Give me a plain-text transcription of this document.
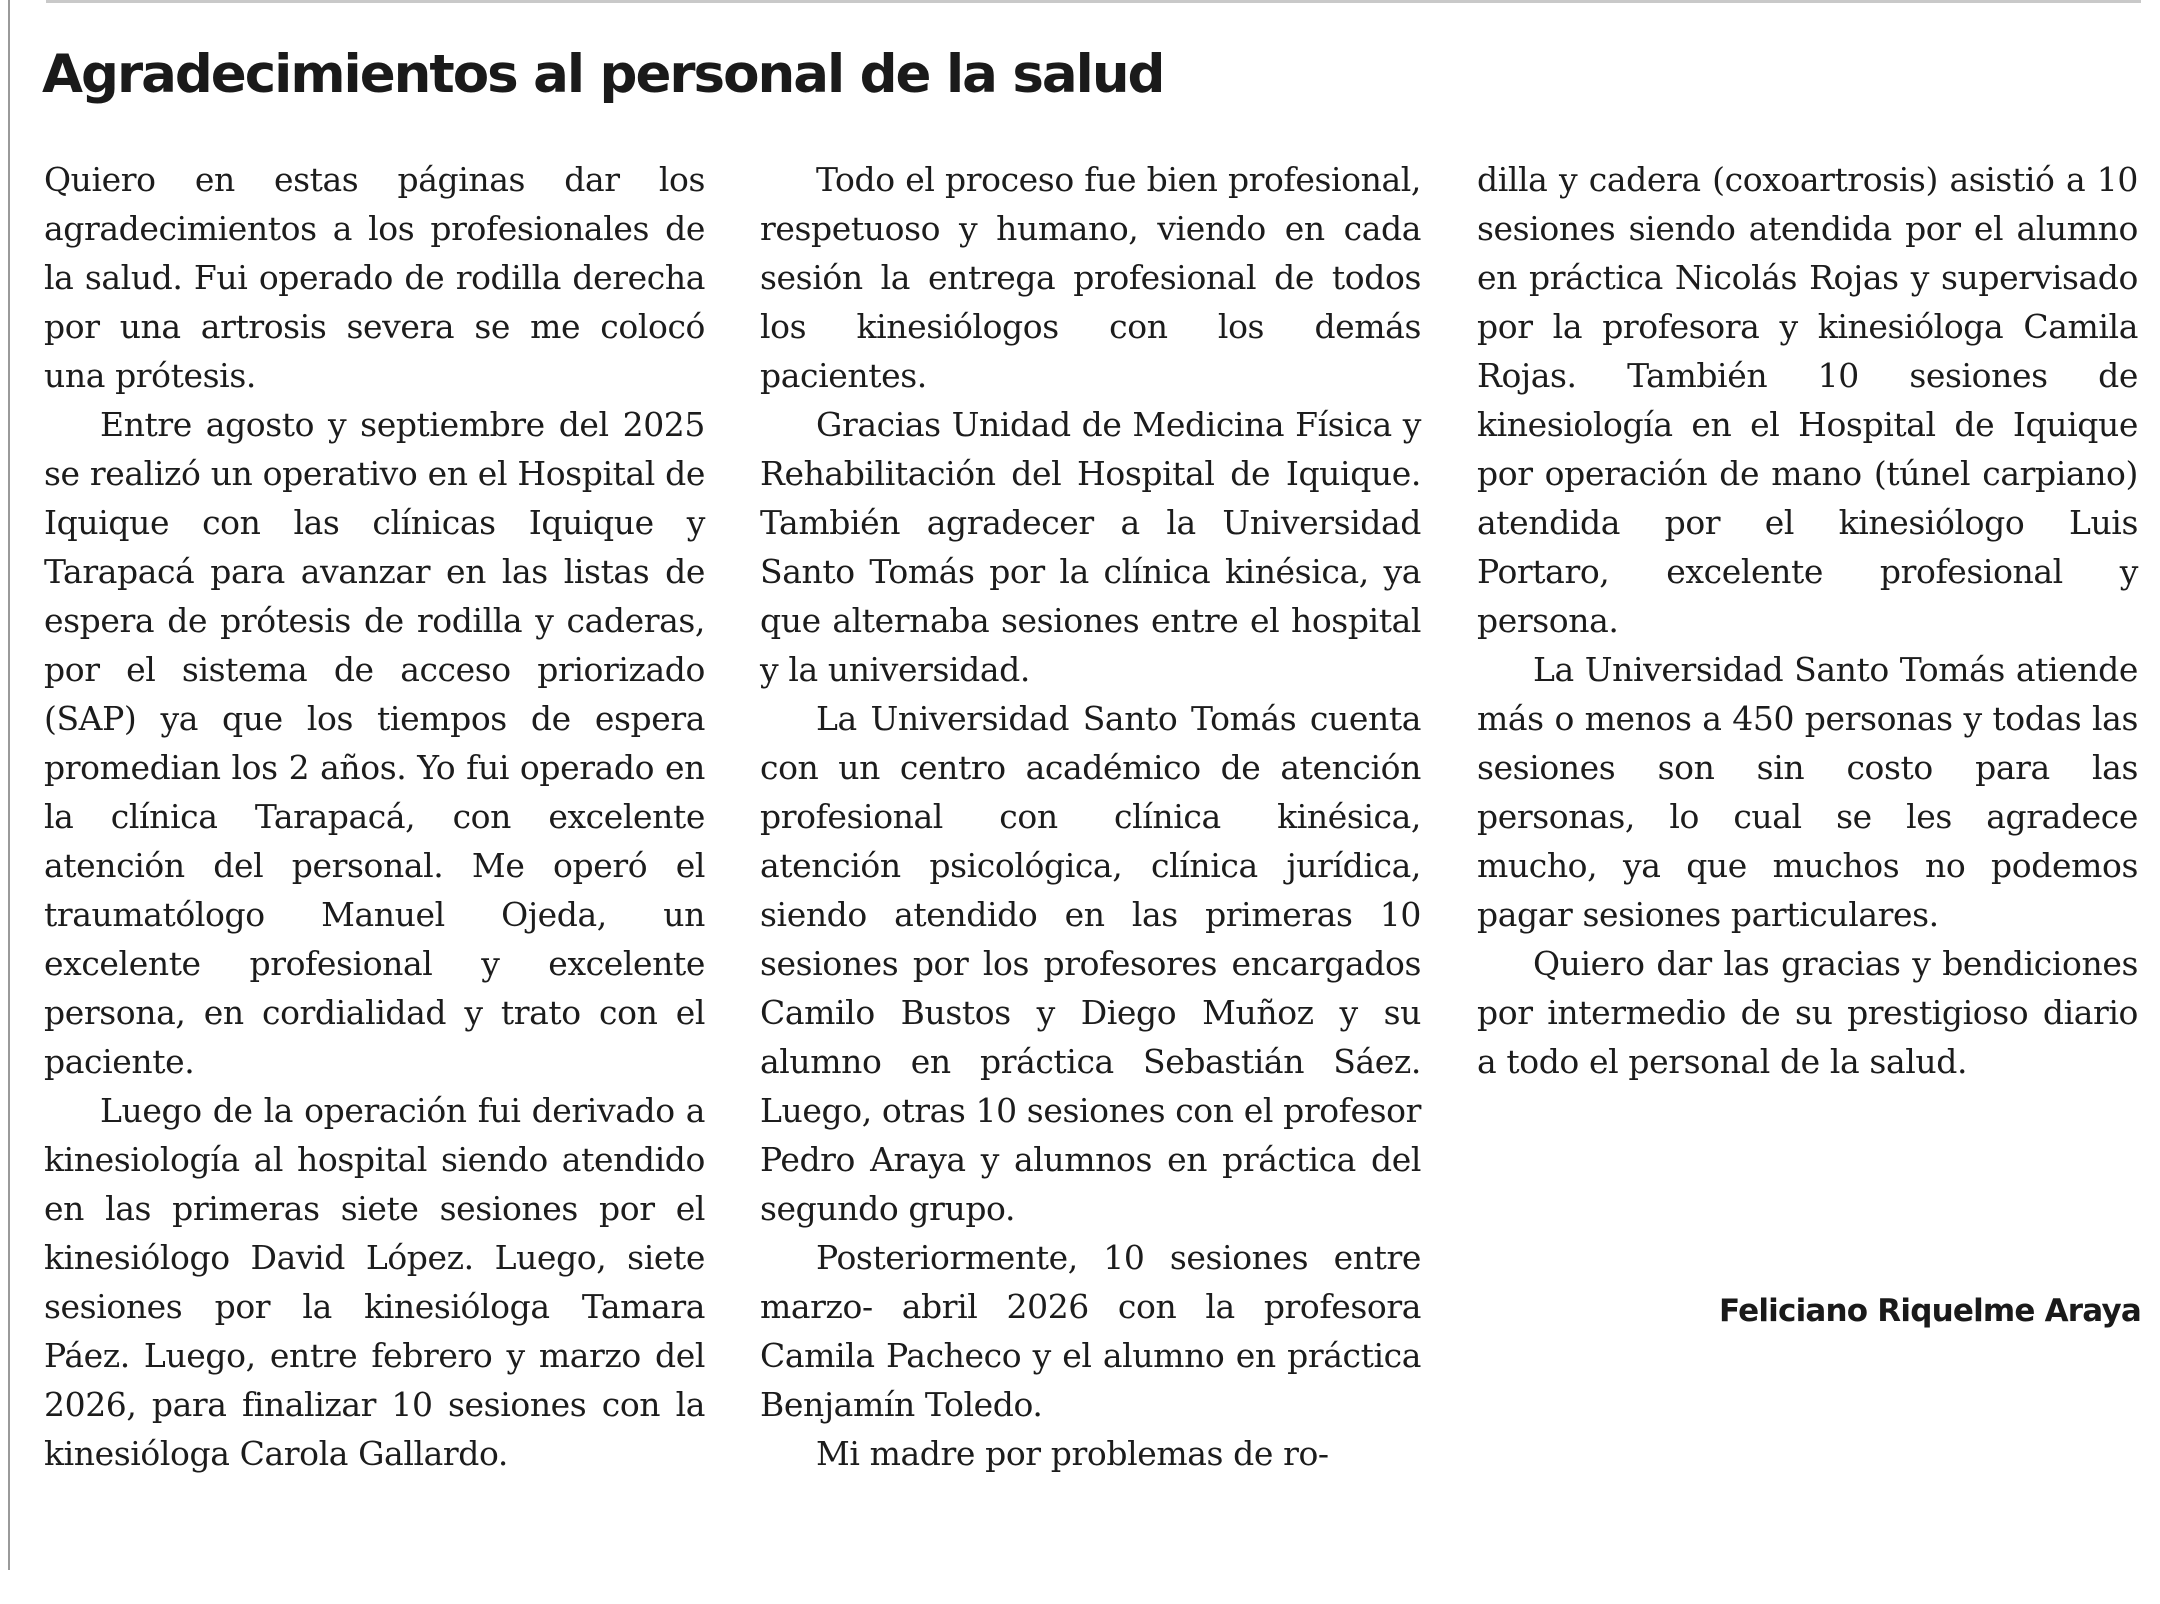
Agradecimientos al personal de la salud

Quiero en estas páginas dar los agradecimientos a los profesionales de la salud. Fui operado de rodilla derecha por una artrosis severa se me colocó una prótesis.

Entre agosto y septiembre del 2025 se realizó un operativo en el Hospital de Iquique con las clínicas Iquique y Tarapacá para avanzar en las listas de espera de prótesis de rodilla y caderas, por el sistema de acceso priorizado (SAP) ya que los tiempos de espera promedian los 2 años. Yo fui operado en la clínica Tarapacá, con excelente atención del personal. Me operó el traumatólogo Manuel Ojeda, un excelente profesional y excelente persona, en cordialidad y trato con el paciente.

Luego de la operación fui derivado a kinesiología al hospital siendo atendido en las primeras siete sesiones por el kinesiólogo David López. Luego, siete sesiones por la kinesióloga Tamara Páez. Luego, entre febrero y marzo del 2026, para finalizar 10 sesiones con la kinesióloga Carola Gallardo.

Todo el proceso fue bien profesional, respetuoso y humano, viendo en cada sesión la entrega profesional de todos los kinesiólogos con los demás pacientes.

Gracias Unidad de Medicina Física y Rehabilitación del Hospital de Iquique. También agradecer a la Universidad Santo Tomás por la clínica kinésica, ya que alternaba sesiones entre el hospital y la universidad.

La Universidad Santo Tomás cuenta con un centro académico de atención profesional con clínica kinésica, atención psicológica, clínica jurídica, siendo atendido en las primeras 10 sesiones por los profesores encargados Camilo Bustos y Diego Muñoz y su alumno en práctica Sebastián Sáez. Luego, otras 10 sesiones con el profesor Pedro Araya y alumnos en práctica del segundo grupo.

Posteriormente, 10 sesiones entre marzo- abril 2026 con la profesora Camila Pacheco y el alumno en práctica Benjamín Toledo.

Mi madre por problemas de ro-

dilla y cadera (coxoartrosis) asistió a 10 sesiones siendo atendida por el alumno en práctica Nicolás Rojas y supervisado por la profesora y kinesióloga Camila Rojas. También 10 sesiones de kinesiología en el Hospital de Iquique por operación de mano (túnel carpiano) atendida por el kinesiólogo Luis Portaro, excelente profesional y persona.

La Universidad Santo Tomás atiende más o menos a 450 personas y todas las sesiones son sin costo para las personas, lo cual se les agradece mucho, ya que muchos no podemos pagar sesiones particulares.

Quiero dar las gracias y bendiciones por intermedio de su prestigioso diario a todo el personal de la salud.

Feliciano Riquelme Araya
